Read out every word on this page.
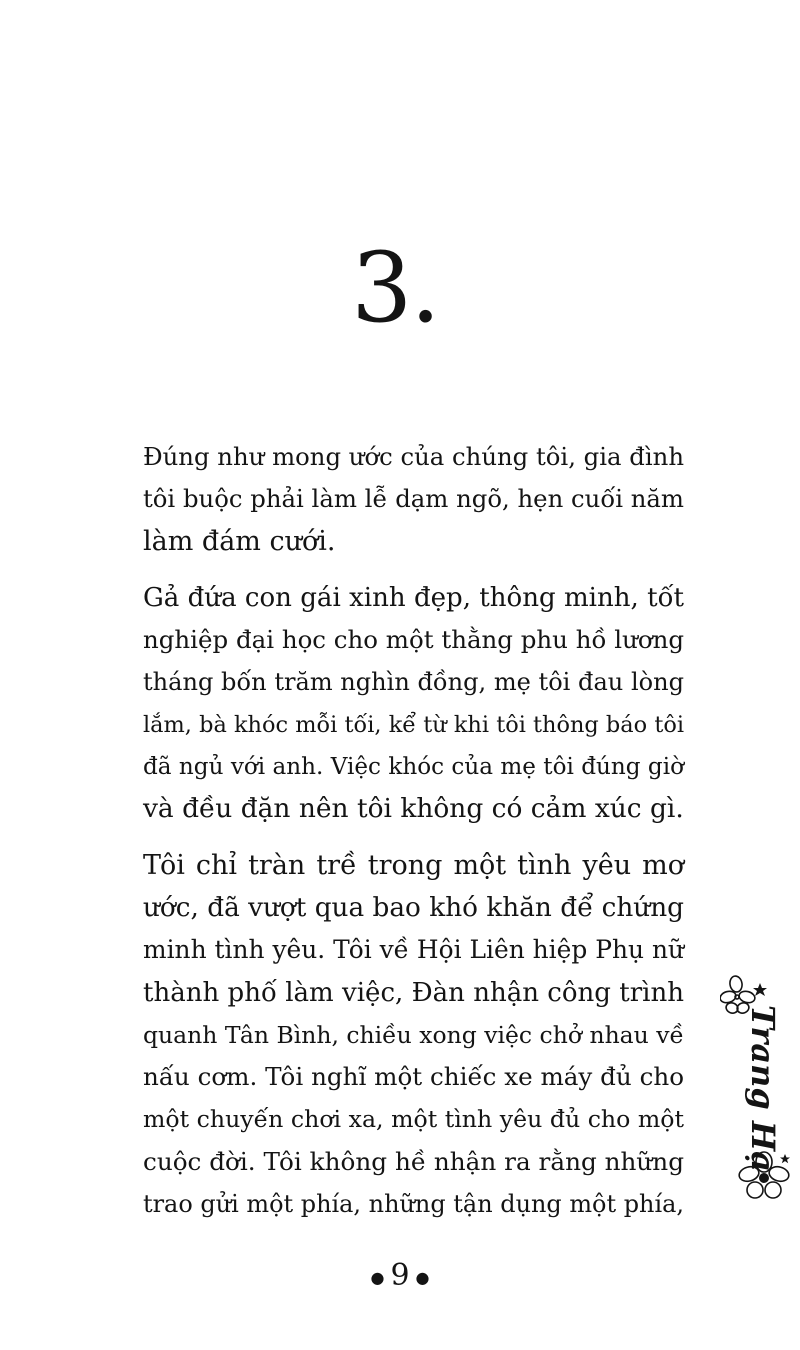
3.
Đúng như mong ước của chúng tôi, gia đình
tôi buộc phải làm lễ dạm ngõ, hẹn cuối năm
làm đám cưới.
Gả đứa con gái xinh đẹp, thông minh, tốt
nghiệp đại học cho một thằng phu hồ lương
tháng bốn trăm nghìn đồng, mẹ tôi đau lòng
lắm, bà khóc mỗi tối, kể từ khi tôi thông báo tôi
đã ngủ với anh. Việc khóc của mẹ tôi đúng giờ
và đều đặn nên tôi không có cảm xúc gì.
Tôi chỉ tràn trề trong một tình yêu mơ
ước, đã vượt qua bao khó khăn để chứng
minh tình yêu. Tôi về Hội Liên hiệp Phụ nữ
thành phố làm việc, Đàn nhận công trình
quanh Tân Bình, chiều xong việc chở nhau về
nấu cơm. Tôi nghĩ một chiếc xe máy đủ cho
một chuyến chơi xa, một tình yêu đủ cho một
cuộc đời. Tôi không hề nhận ra rằng những
trao gửi một phía, những tận dụng một phía,
Trang Hạ
● 9 ●
